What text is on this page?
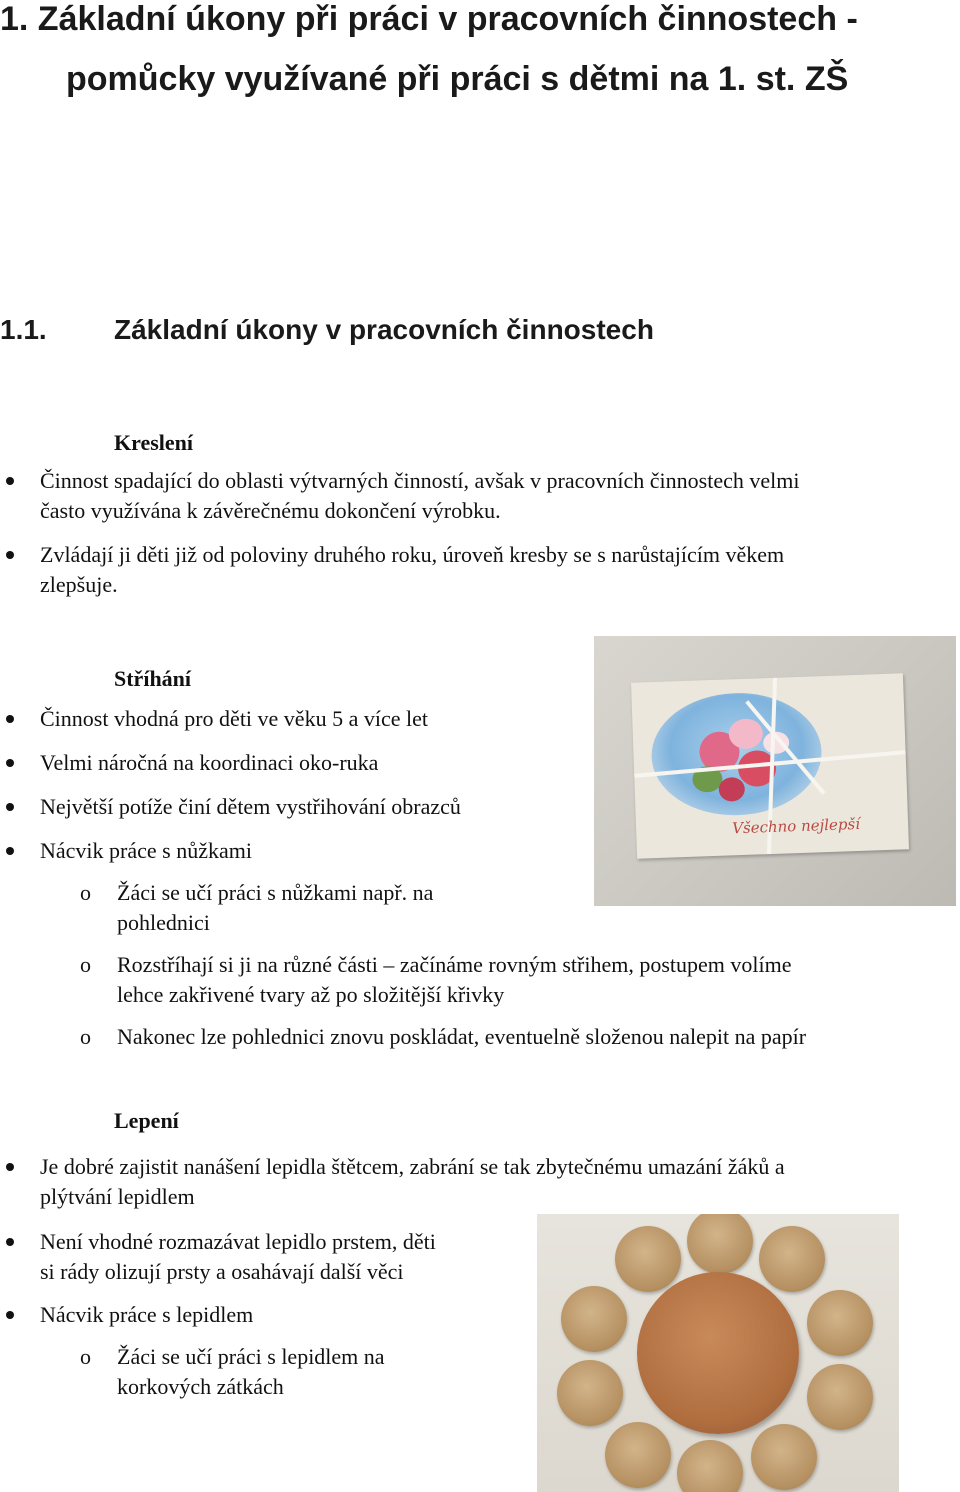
1. Základní úkony při práci v pracovních činnostech -
pomůcky využívané při práci s dětmi na 1. st. ZŠ
1.1. Základní úkony v pracovních činnostech
Kreslení
Činnost spadající do oblasti výtvarných činností, avšak v pracovních činnostech velmi
často využívána k závěrečnému dokončení výrobku.
Zvládají ji děti již od poloviny druhého roku, úroveň kresby se s narůstajícím věkem
zlepšuje.
Všechno nejlepší
Stříhání
Činnost vhodná pro děti ve věku 5 a více let
Velmi náročná na koordinaci oko-ruka
Největší potíže činí dětem vystřihování obrazců
Nácvik práce s nůžkami
o Žáci se učí práci s nůžkami např. na
pohlednici
o Rozstříhají si ji na různé části – začínáme rovným střihem, postupem volíme
lehce zakřivené tvary až po složitější křivky
o Nakonec lze pohlednici znovu poskládat, eventuelně složenou nalepit na papír
Lepení
Je dobré zajistit nanášení lepidla štětcem, zabrání se tak zbytečnému umazání žáků a
plýtvání lepidlem
Není vhodné rozmazávat lepidlo prstem, děti
si rády olizují prsty a osahávají další věci
Nácvik práce s lepidlem
o Žáci se učí práci s lepidlem na
korkových zátkách
